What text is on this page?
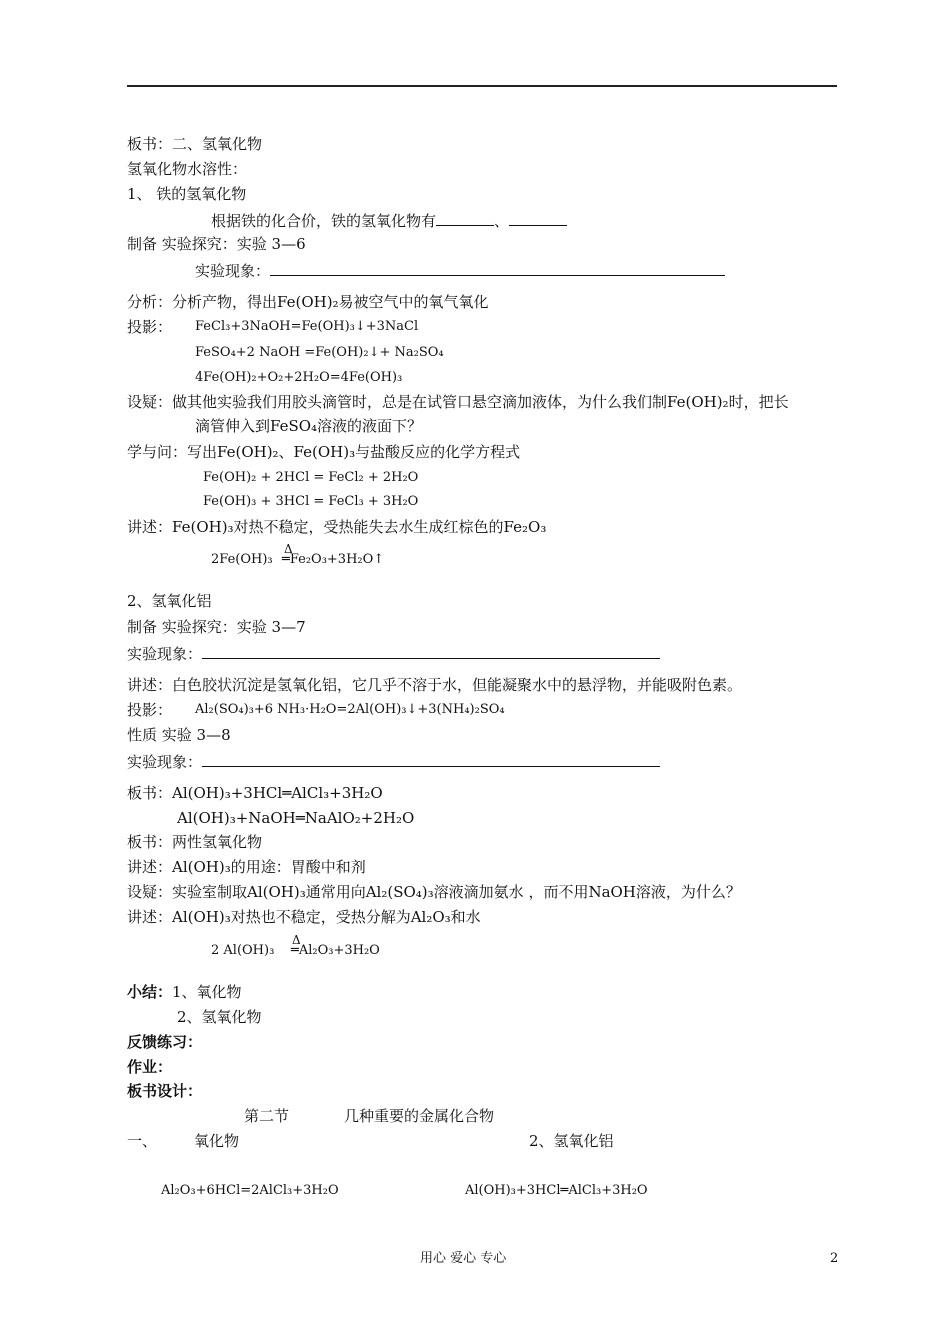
板书：二、氢氧化物
氢氧化物水溶性：
1、 铁的氢氧化物
根据铁的化合价，铁的氢氧化物有	、
制备 实验探究：实验 3—6
实验现象：
分析：分析产物，得出Fe(OH)₂易被空气中的氧气氧化
投影： FeCl₃+3NaOH=Fe(OH)₃↓+3NaCl
FeSO₄+2 NaOH =Fe(OH)₂↓+ Na₂SO₄
4Fe(OH)₂+O₂+2H₂O=4Fe(OH)₃
设疑：做其他实验我们用胶头滴管时，总是在试管口悬空滴加液体，为什么我们制Fe(OH)₂时，把长
滴管伸入到FeSO₄溶液的液面下？
学与问：写出Fe(OH)₂、Fe(OH)₃与盐酸反应的化学方程式
Fe(OH)₂ + 2HCl = FeCl₂ + 2H₂O
Fe(OH)₃ + 3HCl = FeCl₃ + 3H₂O
讲述：Fe(OH)₃对热不稳定，受热能失去水生成红棕色的Fe₂O₃
2Fe(OH)₃
Δ
═Fe₂O₃+3H₂O↑
2、氢氧化铝
制备 实验探究：实验 3—7
实验现象：
讲述：白色胶状沉淀是氢氧化铝，它几乎不溶于水，但能凝聚水中的悬浮物，并能吸附色素。
投影： Al₂(SO₄)₃+6 NH₃·H₂O=2Al(OH)₃↓+3(NH₄)₂SO₄
性质 实验 3—8
实验现象：
板书：Al(OH)₃+3HCl═AlCl₃+3H₂O
Al(OH)₃+NaOH═NaAlO₂+2H₂O
板书：两性氢氧化物
讲述：Al(OH)₃的用途：胃酸中和剂
设疑：实验室制取Al(OH)₃通常用向Al₂(SO₄)₃溶液滴加氨水 ，而不用NaOH溶液，为什么？
讲述：Al(OH)₃对热也不稳定，受热分解为Al₂O₃和水
2 Al(OH)₃
Δ
═Al₂O₃+3H₂O
小结：1、氧化物
2、氢氧化物
反馈练习：
作业：
板书设计：
第二节	几种重要的金属化合物
一、 氧化物	2、氢氧化铝
Al₂O₃+6HCl=2AlCl₃+3H₂O	Al(OH)₃+3HCl═AlCl₃+3H₂O
用心 爱心 专心	2
